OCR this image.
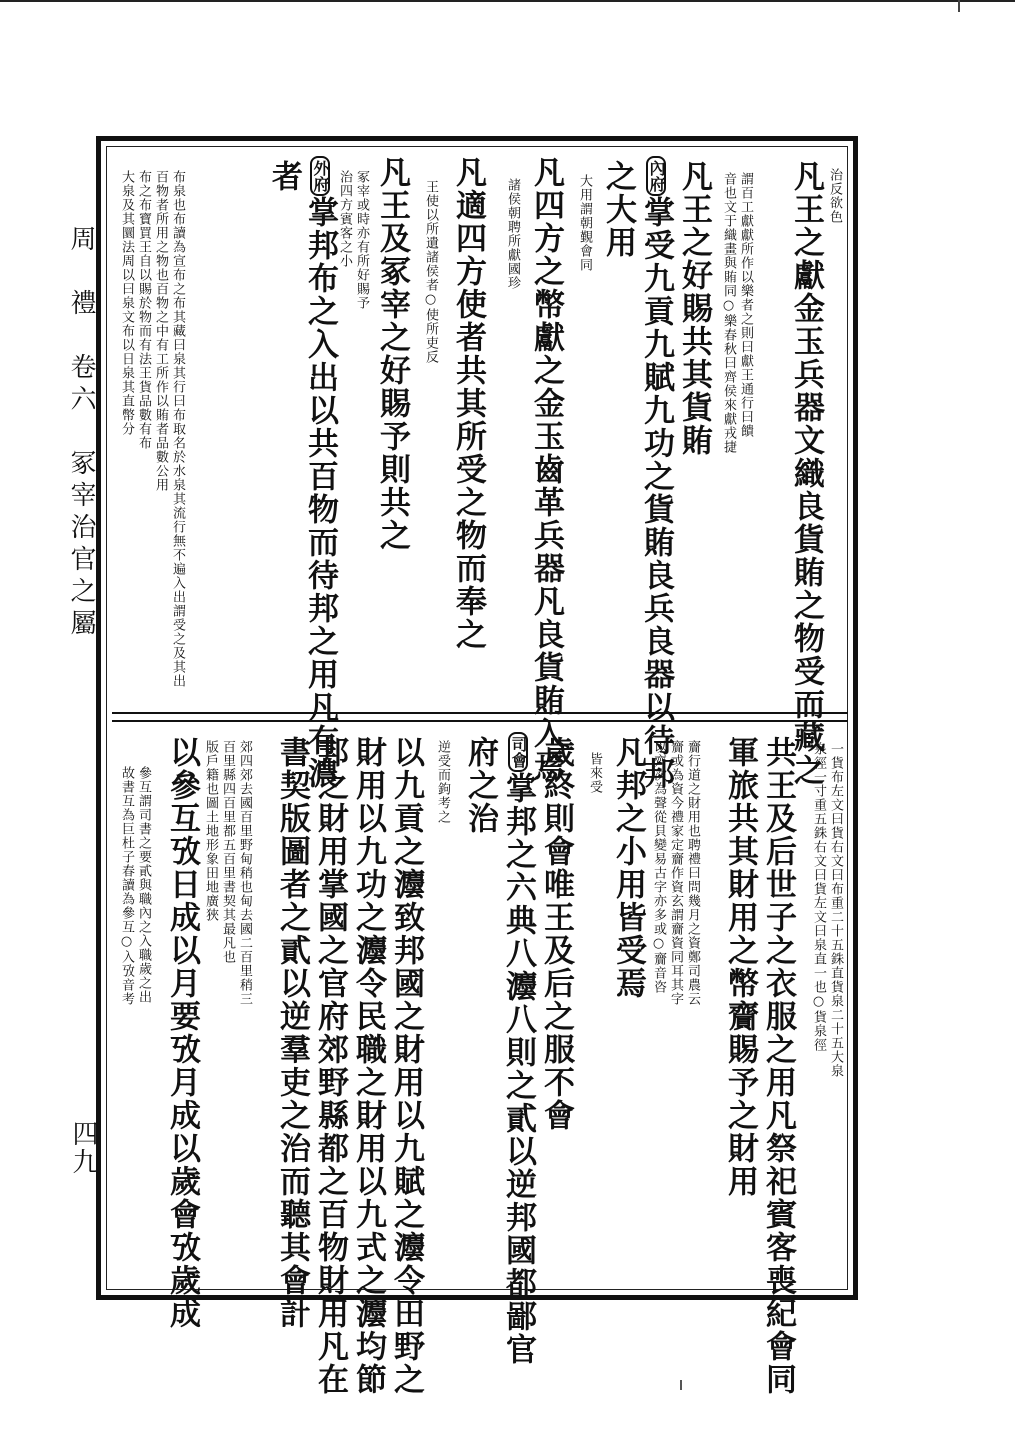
周　禮　卷六　冢宰治官之屬
四九
治反欲色
凡王之獻金玉兵器文織良貨賄之物受而藏之
謂百工獻獻所作以樂者之則曰獻王通行曰饋
音也文于織畫與賄同○樂春秋曰齊侯來獻戎捷
凡王之好賜共其貨賄
內府掌受九貢九賦九功之貨賄良兵良器以待邦
之大用
大用謂朝覲會同
凡四方之幣獻之金玉齒革兵器凡良貨賄入焉
諸侯朝聘所獻國珍
凡適四方使者共其所受之物而奉之
王使以所遺諸侯者○使所吏反
凡王及冢宰之好賜予則共之
冢宰或時亦有所好賜予
治四方賓客之小
外府掌邦布之入出以共百物而待邦之用凡有濃
者
布泉也布讀為宣布之布其藏曰泉其行曰布取名於水泉其流行無不遍入出謂受之及其出
百物者所用之物也百物之中有工所作以賄者品數公用
布之布寶買王自以賜於物而有法王貨品數有布
大泉及其圜法周以曰泉文布以日泉其直幣分
一貨布左文曰貨右文曰布重二十五銖直貨泉二十五大泉
泉徑一寸重五銖右文曰貨左文曰泉直一也○貨泉徑
共王及后世子之衣服之用凡祭祀賓客喪紀會同
軍旅共其財用之幣齎賜予之財用
齎行道之財用也聘禮曰問幾月之資鄭司農云
齎或為資今禮家定齎作資玄謂齎資同耳其字
以齊次為聲從貝變易古字亦多或○齎音咨
凡邦之小用皆受焉
皆來受
歲終則會唯王及后之服不會
司會掌邦之六典八灋八則之貳以逆邦國都鄙官
府之治
逆受而鉤考之
以九貢之灋致邦國之財用以九賦之灋令田野之
財用以九功之灋令民職之財用以九式之灋均節
邦之財用掌國之官府郊野縣都之百物財用凡在
書契版圖者之貳以逆羣吏之治而聽其會計
郊四郊去國百里野甸稍也甸去國二百里稍三
百里縣四百里都五百里書契其最凡也
版戶籍也圖土地形象田地廣狹
以參互攷日成以月要攷月成以歲會攷歲成
參互謂司書之要貳與職內之入職歲之出
故書互為巨杜子春讀為參互○入攷音考
